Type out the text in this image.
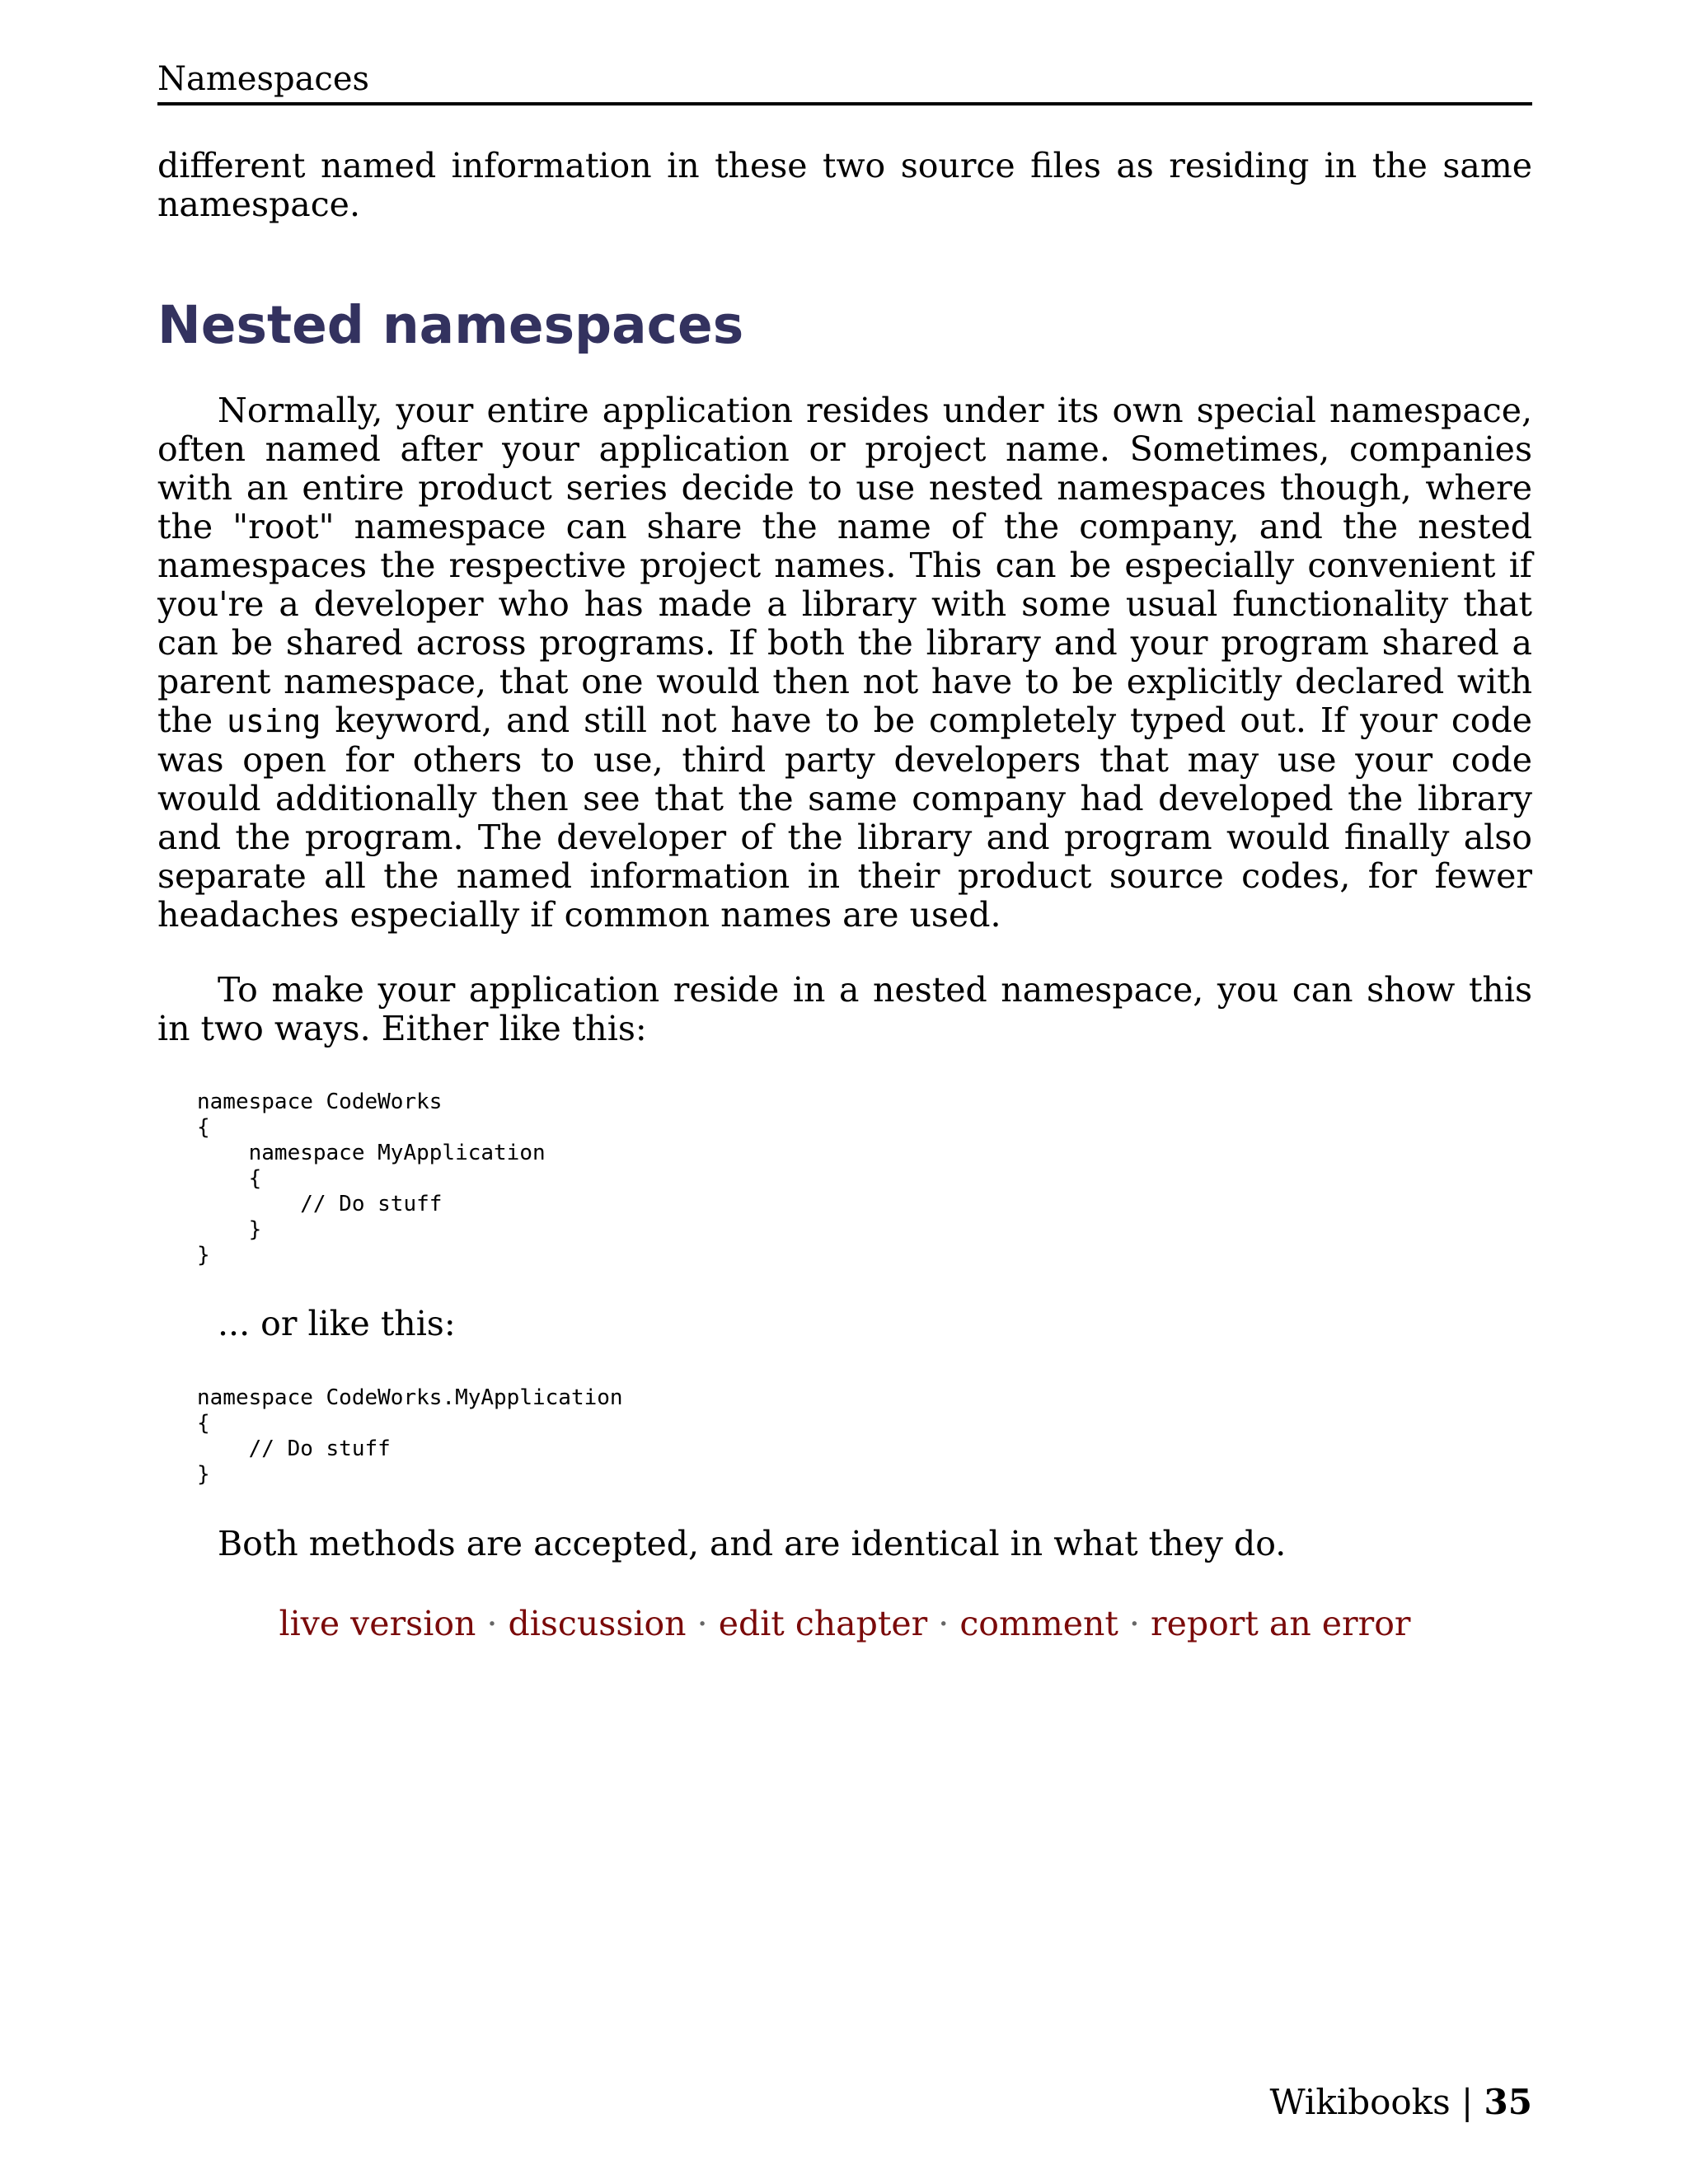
Namespaces

different named information in these two source files as residing in the same namespace.

Nested namespaces

Normally, your entire application resides under its own special namespace, often named after your application or project name. Sometimes, companies with an entire product series decide to use nested namespaces though, where the "root" namespace can share the name of the company, and the nested namespaces the respective project names. This can be especially convenient if you're a developer who has made a library with some usual functionality that can be shared across programs. If both the library and your program shared a parent namespace, that one would then not have to be explicitly declared with the using keyword, and still not have to be completely typed out. If your code was open for others to use, third party developers that may use your code would additionally then see that the same company had developed the library and the program. The developer of the library and program would finally also separate all the named information in their product source codes, for fewer headaches especially if common names are used.

To make your application reside in a nested namespace, you can show this in two ways. Either like this:

namespace CodeWorks
{
namespace MyApplication
{
// Do stuff
}
}

... or like this:

namespace CodeWorks.MyApplication
{
// Do stuff
}

Both methods are accepted, and are identical in what they do.

live version · discussion · edit chapter · comment · report an error
Wikibooks | 35
